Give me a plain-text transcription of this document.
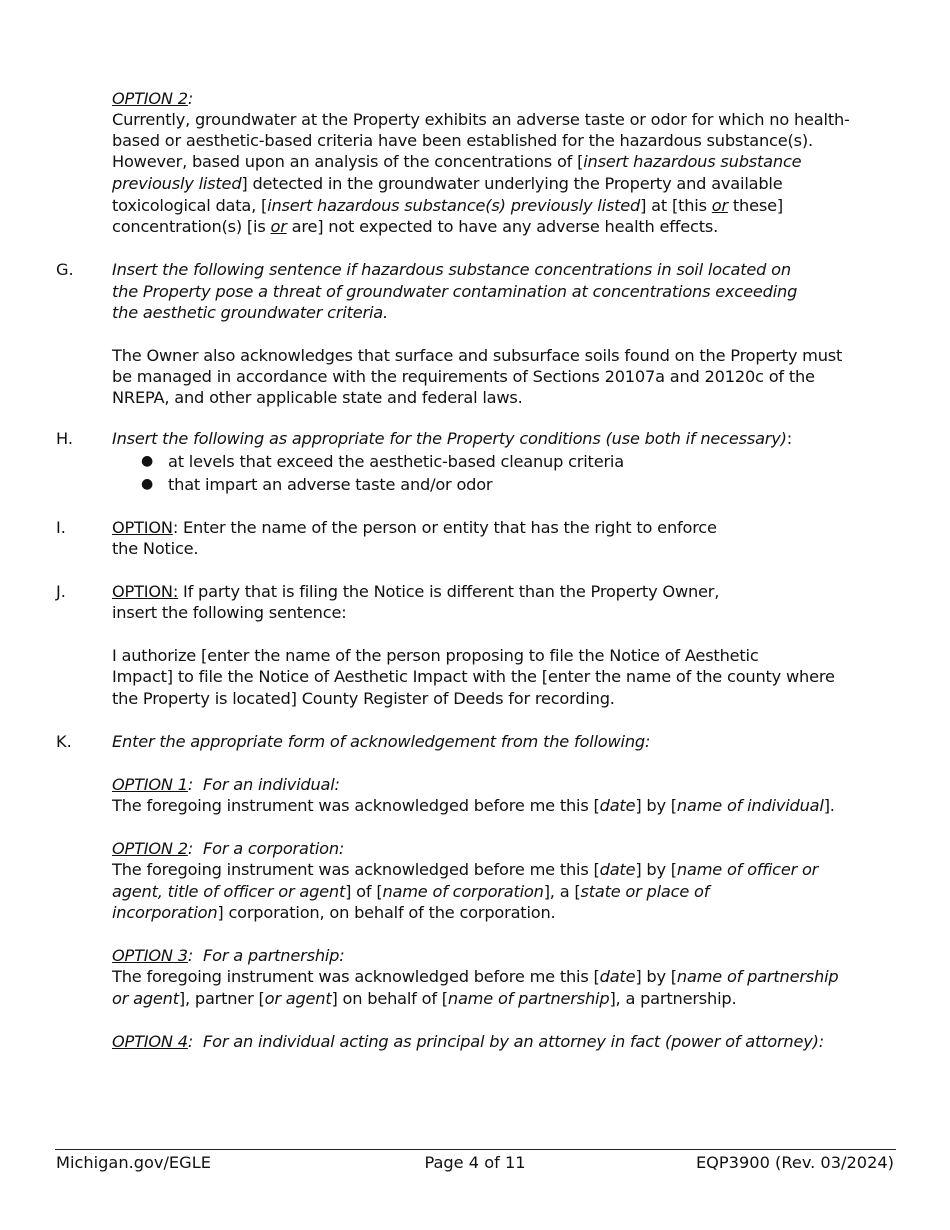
OPTION 2:
Currently, groundwater at the Property exhibits an adverse taste or odor for which no health-
based or aesthetic-based criteria have been established for the hazardous substance(s).
However, based upon an analysis of the concentrations of [insert hazardous substance
previously listed] detected in the groundwater underlying the Property and available
toxicological data, [insert hazardous substance(s) previously listed] at [this or these]
concentration(s) [is or are] not expected to have any adverse health effects.
G. Insert the following sentence if hazardous substance concentrations in soil located on
the Property pose a threat of groundwater contamination at concentrations exceeding
the aesthetic groundwater criteria.
The Owner also acknowledges that surface and subsurface soils found on the Property must
be managed in accordance with the requirements of Sections 20107a and 20120c of the
NREPA, and other applicable state and federal laws.
H. Insert the following as appropriate for the Property conditions (use both if necessary):
● at levels that exceed the aesthetic-based cleanup criteria
● that impart an adverse taste and/or odor
I.	OPTION: Enter the name of the person or entity that has the right to enforce
the Notice.
J.	OPTION: If party that is filing the Notice is different than the Property Owner,
insert the following sentence:
I authorize [enter the name of the person proposing to file the Notice of Aesthetic
Impact] to file the Notice of Aesthetic Impact with the [enter the name of the county where
the Property is located] County Register of Deeds for recording.
K. Enter the appropriate form of acknowledgement from the following:
OPTION 1:  For an individual:
The foregoing instrument was acknowledged before me this [date] by [name of individual].
OPTION 2:  For a corporation:
The foregoing instrument was acknowledged before me this [date] by [name of officer or
agent, title of officer or agent] of [name of corporation], a [state or place of
incorporation] corporation, on behalf of the corporation.
OPTION 3:  For a partnership:
The foregoing instrument was acknowledged before me this [date] by [name of partnership
or agent], partner [or agent] on behalf of [name of partnership], a partnership.
OPTION 4:  For an individual acting as principal by an attorney in fact (power of attorney):
Michigan.gov/EGLE	Page 4 of 11	EQP3900 (Rev. 03/2024)
